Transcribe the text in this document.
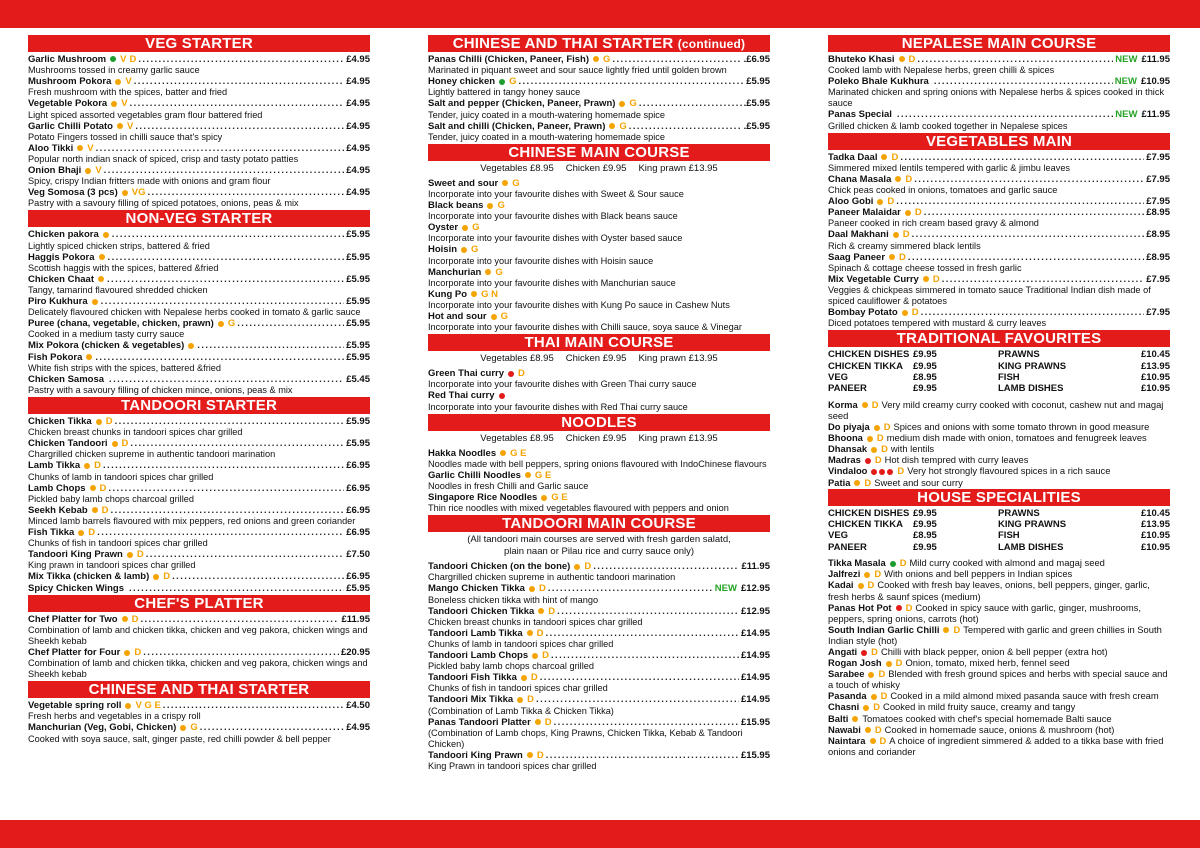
VEG STARTER
Garlic Mushroom	V D .....	£4.95
Mushrooms tossed in creamy garlic sauce
Mushroom Pokora	V .....	£4.95
Fresh mushroom with the spices, batter and fried
Vegetable Pokora	V .....	£4.95
Light spiced assorted vegetables gram flour battered fried
Garlic Chilli Potato	V .....	£4.95
Potato Fingers tossed in chilli sauce that's spicy
Aloo Tikki	V .....	£4.95
Popular north indian snack of spiced, crisp and tasty potato patties
Onion Bhaji	V .....	£4.95
Spicy, crispy Indian fritters made with onions and gram flour
Veg Somosa (3 pcs)	VG .....	£4.95
Pastry with a savoury filling of spiced potatoes, onions, peas & mix
NON-VEG STARTER
Chicken pakora .....	£5.95
Lightly spiced chicken strips, battered & fried
Haggis Pokora .....	£5.95
Scottish haggis with the spices, battered &fried
Chicken Chaat .....	£5.95
Tangy, tamarind flavoured shredded chicken
Piro Kukhura .....	£5.95
Delicately flavoured chicken with Nepalese herbs cooked in tomato & garlic sauce
Puree (chana, vegetable, chicken, prawn)	G .....	£5.95
Cooked in a medium tasty curry sauce
Mix Pokora (chicken & vegetables) .....	£5.95
Fish Pokora .....	£5.95
White fish strips with the spices, battered &fried
Chicken Samosa .....	£5.45
Pastry with a savoury filling of chicken mince, onions, peas & mix
TANDOORI STARTER
Chicken Tikka	D .....	£5.95
Chicken breast chunks in tandoori spices char grilled
Chicken Tandoori	D .....	£5.95
Chargrilled chicken supreme in authentic tandoori marination
Lamb Tikka	D .....	£6.95
Chunks of lamb in tandoori spices char grilled
Lamb Chops	D .....	£6.95
Pickled baby lamb chops charcoal grilled
Seekh Kebab	D .....	£6.95
Minced lamb barrels flavoured with mix peppers, red onions and green coriander
Fish Tikka	D .....	£6.95
Chunks of fish in tandoori spices char grilled
Tandoori King Prawn	D .....	£7.50
King prawn in tandoori spices char grilled
Mix Tikka (chicken & lamb)	D .....	£6.95
Spicy Chicken Wings .....	£5.95
CHEF'S PLATTER
Chef Platter for Two	D .....	£11.95
Combination of lamb and chicken tikka, chicken and veg pakora, chicken wings and Sheekh kebab
Chef Platter for Four	D .....	£20.95
Combination of lamb and chicken tikka, chicken and veg pakora, chicken wings and Sheekh kebab
CHINESE AND THAI STARTER
Vegetable spring roll	V G E .....	£4.50
Fresh herbs and vegetables in a crispy roll
Manchurian (Veg, Gobi, Chicken)	G .....	£4.95
Cooked with soya sauce, salt, ginger paste, red chilli powder & bell pepper
CHINESE AND THAI STARTER (continued)
Panas Chilli (Chicken, Paneer, Fish)	G .....	.£6.95
Marinated in piquant sweet and sour sauce lightly fried until golden brown
Honey chicken	G .....	£5.95
Lightly battered in tangy honey sauce
Salt and pepper (Chicken, Paneer, Prawn)	G .....	.£5.95
Tender, juicy coated in a mouth-watering homemade spice
Salt and chilli (Chicken, Paneer, Prawn)	G .....	.£5.95
Tender, juicy coated in a mouth-watering homemade spice
CHINESE MAIN COURSE
Vegetables £8.95 Chicken £9.95 King prawn £13.95
Sweet and sour	G
Incorporate into your favourite dishes with Sweet & Sour sauce
Black beans	G
Incorporate into your favourite dishes with Black beans sauce
Oyster	G
Incorporate into your favourite dishes with Oyster based sauce
Hoisin	G
Incorporate into your favourite dishes with Hoisin sauce
Manchurian	G
Incorporate into your favourite dishes with Manchurian sauce
Kung Po	G N
Incorporate into your favourite dishes with Kung Po sauce in Cashew Nuts
Hot and sour	G
Incorporate into your favourite dishes with Chilli sauce, soya sauce & Vinegar
THAI MAIN COURSE
Vegetables £8.95 Chicken £9.95 King prawn £13.95
Green Thai curry	D
Incorporate into your favourite dishes with Green Thai curry sauce
Red Thai curry
Incorporate into your favourite dishes with Red Thai curry sauce
NOODLES
Vegetables £8.95 Chicken £9.95 King prawn £13.95
Hakka Noodles	G E
Noodles made with bell peppers, spring onions flavoured with IndoChinese flavours
Garlic Chilli Noodles	G E
Noodles in fresh Chilli and Garlic sauce
Singapore Rice Noodles	G E
Thin rice noodles with mixed vegetables flavoured with peppers and onion
TANDOORI MAIN COURSE
(All tandoori main courses are served with fresh garden salatd, plain naan or Pilau rice and curry sauce only)
Tandoori Chicken (on the bone)	D .....	£11.95
Chargrilled chicken supreme in authentic tandoori marination
Mango Chicken Tikka	D .....	NEW £12.95
Boneless chicken tikka with hint of mango
Tandoori Chicken Tikka	D .....	£12.95
Chicken breast chunks in tandoori spices char grilled
Tandoori Lamb Tikka	D .....	£14.95
Chunks of lamb in tandoori spices char grilled
Tandoori Lamb Chops	D .....	£14.95
Pickled baby lamb chops charcoal grilled
Tandoori Fish Tikka	D .....	£14.95
Chunks of fish in tandoori spices char grilled
Tandoori Mix Tikka	D .....	£14.95
(Combination of Lamb Tikka & Chicken Tikka)
Panas Tandoori Platter	D .....	£15.95
(Combination of Lamb chops, King Prawns, Chicken Tikka, Kebab & Tandoori Chicken)
Tandoori King Prawn	D .....	£15.95
King Prawn in tandoori spices char grilled
NEPALESE MAIN COURSE
Bhuteko Khasi	D .....	NEW £11.95
Cooked lamb with Nepalese herbs, green chilli & spices
Poleko Bhale Kukhura .....	NEW £10.95
Marinated chicken and spring onions with Nepalese herbs & spices cooked in thick sauce
Panas Special .....	NEW £11.95
Grilled chicken & lamb cooked together in Nepalese spices
VEGETABLES MAIN
Tadka Daal	D .....	£7.95
Simmered mixed lentils tempered with garlic & jimbu leaves
Chana Masala	D .....	£7.95
Chick peas cooked in onions, tomatoes and garlic sauce
Aloo Gobi	D .....	£7.95
Paneer Malaidar	D .....	£8.95
Paneer cooked in rich cream based gravy & almond
Daal Makhani	D .....	£8.95
Rich & creamy simmered black lentils
Saag Paneer	D .....	£8.95
Spinach & cottage cheese tossed in fresh garlic
Mix Vegetable Curry	D .....	£7.95
Veggies & chickpeas simmered in tomato sauce Traditional Indian dish made of spiced cauliflower & potatoes
Bombay Potato	D .....	£7.95
Diced potatoes tempered with mustard & curry leaves
TRADITIONAL FAVOURITES
CHICKEN DISHES £9.95	PRAWNS	£10.45
CHICKEN TIKKA	£9.95	KING PRAWNS	£13.95
VEG	£8.95	FISH	£10.95
PANEER	£9.95	LAMB DISHES	£10.95
Korma D Very mild creamy curry cooked with coconut, cashew nut and magaj seed
Do piyaja D Spices and onions with some tomato thrown in good measure
Bhoona D medium dish made with onion, tomatoes and fenugreek leaves
Dhansak D with lentils
Madras D Hot dish tempred with curry leaves
Vindaloo	D Very hot strongly flavoured spices in a rich sauce
Patia D Sweet and sour curry
HOUSE SPECIALITIES
CHICKEN DISHES £9.95	PRAWNS	£10.45
CHICKEN TIKKA	£9.95	KING PRAWNS	£13.95
VEG	£8.95	FISH	£10.95
PANEER	£9.95	LAMB DISHES	£10.95
Tikka Masala D Mild curry cooked with almond and magaj seed
Jalfrezi D With onions and bell peppers in Indian spices
Kadai D Cooked with fresh bay leaves, onions, bell peppers, ginger, garlic, fresh herbs & saunf spices (medium)
Panas Hot Pot D Cooked in spicy sauce with garlic, ginger, mushrooms, peppers, spring onions, carrots (hot)
South Indian Garlic Chilli D Tempered with garlic and green chillies in South Indian style (hot)
Angati D Chilli with black pepper, onion & bell pepper (extra hot)
Rogan Josh D Onion, tomato, mixed herb, fennel seed
Sarabee D Blended with fresh ground spices and herbs with special sauce and a touch of whisky
Pasanda D Cooked in a mild almond mixed pasanda sauce with fresh cream
Chasni D Cooked in mild fruity sauce, creamy and tangy
Balti Tomatoes cooked with chef's special homemade Balti sauce
Nawabi D Cooked in homemade sauce, onions & mushroom (hot)
Naintara D A choice of ingredient simmered & added to a tikka base with fried onions and coriander
